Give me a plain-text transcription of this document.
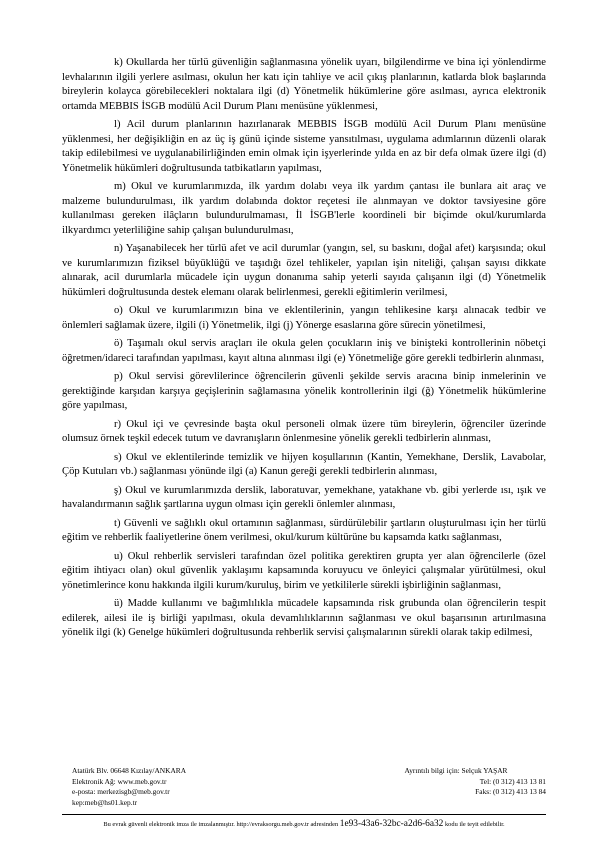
k) Okullarda her türlü güvenliğin sağlanmasına yönelik uyarı, bilgilendirme ve bina içi yönlendirme levhalarının ilgili yerlere asılması, okulun her katı için tahliye ve acil çıkış planlarının, katlarda blok başlarında bireylerin kolayca görebilecekleri noktalara ilgi (d) Yönetmelik hükümlerine göre asılması, ayrıca elektronik ortamda MEBBIS İSGB modülü Acil Durum Planı menüsüne yüklenmesi,

l) Acil durum planlarının hazırlanarak MEBBIS İSGB modülü Acil Durum Planı menüsüne yüklenmesi, her değişikliğin en az üç iş günü içinde sisteme yansıtılması, uygulama adımlarının düzenli olarak takip edilebilmesi ve uygulanabilirliğinden emin olmak için işyerlerinde yılda en az bir defa olmak üzere ilgi (d) Yönetmelik hükümleri doğrultusunda tatbikatların yapılması,

m) Okul ve kurumlarımızda, ilk yardım dolabı veya ilk yardım çantası ile bunlara ait araç ve malzeme bulundurulması, ilk yardım dolabında doktor reçetesi ile alınmayan ve doktor tavsiyesine göre kullanılması gereken ilâçların bulundurulmaması, İl İSGB'lerle koordineli bir biçimde okul/kurumlarda ilkyardımcı yeterliliğine sahip çalışan bulundurulması,

n) Yaşanabilecek her türlü afet ve acil durumlar (yangın, sel, su baskını, doğal afet) karşısında; okul ve kurumlarımızın fiziksel büyüklüğü ve taşıdığı özel tehlikeler, yapılan işin niteliği, çalışan sayısı dikkate alınarak, acil durumlarla mücadele için uygun donanıma sahip yeterli sayıda çalışanın ilgi (d) Yönetmelik hükümleri doğrultusunda destek elemanı olarak belirlenmesi, gerekli eğitimlerin verilmesi,

o) Okul ve kurumlarımızın bina ve eklentilerinin, yangın tehlikesine karşı alınacak tedbir ve önlemleri sağlamak üzere, ilgili (i) Yönetmelik, ilgi (j) Yönerge esaslarına göre sürecin yönetilmesi,

ö) Taşımalı okul servis araçları ile okula gelen çocukların iniş ve binişteki kontrollerinin nöbetçi öğretmen/idareci tarafından yapılması, kayıt altına alınması ilgi (e) Yönetmeliğe göre gerekli tedbirlerin alınması,

p) Okul servisi görevlilerince öğrencilerin güvenli şekilde servis aracına binip inmelerinin ve gerektiğinde karşıdan karşıya geçişlerinin sağlamasına yönelik kontrollerinin ilgi (ğ) Yönetmelik hükümlerine göre yapılması,

r) Okul içi ve çevresinde başta okul personeli olmak üzere tüm bireylerin, öğrenciler üzerinde olumsuz örnek teşkil edecek tutum ve davranışların önlenmesine yönelik gerekli tedbirlerin alınması,

s) Okul ve eklentilerinde temizlik ve hijyen koşullarının (Kantin, Yemekhane, Derslik, Lavabolar, Çöp Kutuları vb.) sağlanması yönünde ilgi (a) Kanun gereği gerekli tedbirlerin alınması,

ş) Okul ve kurumlarımızda derslik, laboratuvar, yemekhane, yatakhane vb. gibi yerlerde ısı, ışık ve havalandırmanın sağlık şartlarına uygun olması için gerekli önlemler alınması,

t) Güvenli ve sağlıklı okul ortamının sağlanması, sürdürülebilir şartların oluşturulması için her türlü eğitim ve rehberlik faaliyetlerine önem verilmesi, okul/kurum kültürüne bu kapsamda katkı sağlanması,

u) Okul rehberlik servisleri tarafından özel politika gerektiren grupta yer alan öğrencilerle (özel eğitim ihtiyacı olan) okul güvenlik yaklaşımı kapsamında koruyucu ve önleyici çalışmalar yürütülmesi, okul yönetimlerince konu hakkında ilgili kurum/kuruluş, birim ve yetkililerle sürekli işbirliğinin sağlanması,

ü) Madde kullanımı ve bağımlılıkla mücadele kapsamında risk grubunda olan öğrencilerin tespit edilerek, ailesi ile iş birliği yapılması, okula devamlılıklarının sağlanması ve okul başarısının artırılmasına yönelik ilgi (k) Genelge hükümleri doğrultusunda rehberlik servisi çalışmalarının sürekli olarak takip edilmesi,

Atatürk Blv. 06648 Kızılay/ANKARA
Elektronik Ağ: www.meb.gov.tr
e-posta: merkezisgb@meb.gov.tr
kep:meb@hs01.kep.tr
Ayrıntılı bilgi için: Selçuk YAŞAR
Tel: (0 312) 413 13 81
Faks: (0 312) 413 13 84
Bu evrak güvenli elektronik imza ile imzalanmıştır. http://evraksorgu.meb.gov.tr adresinden 1e93-43a6-32bc-a2d6-6a32 kodu ile teyit edilebilir.
